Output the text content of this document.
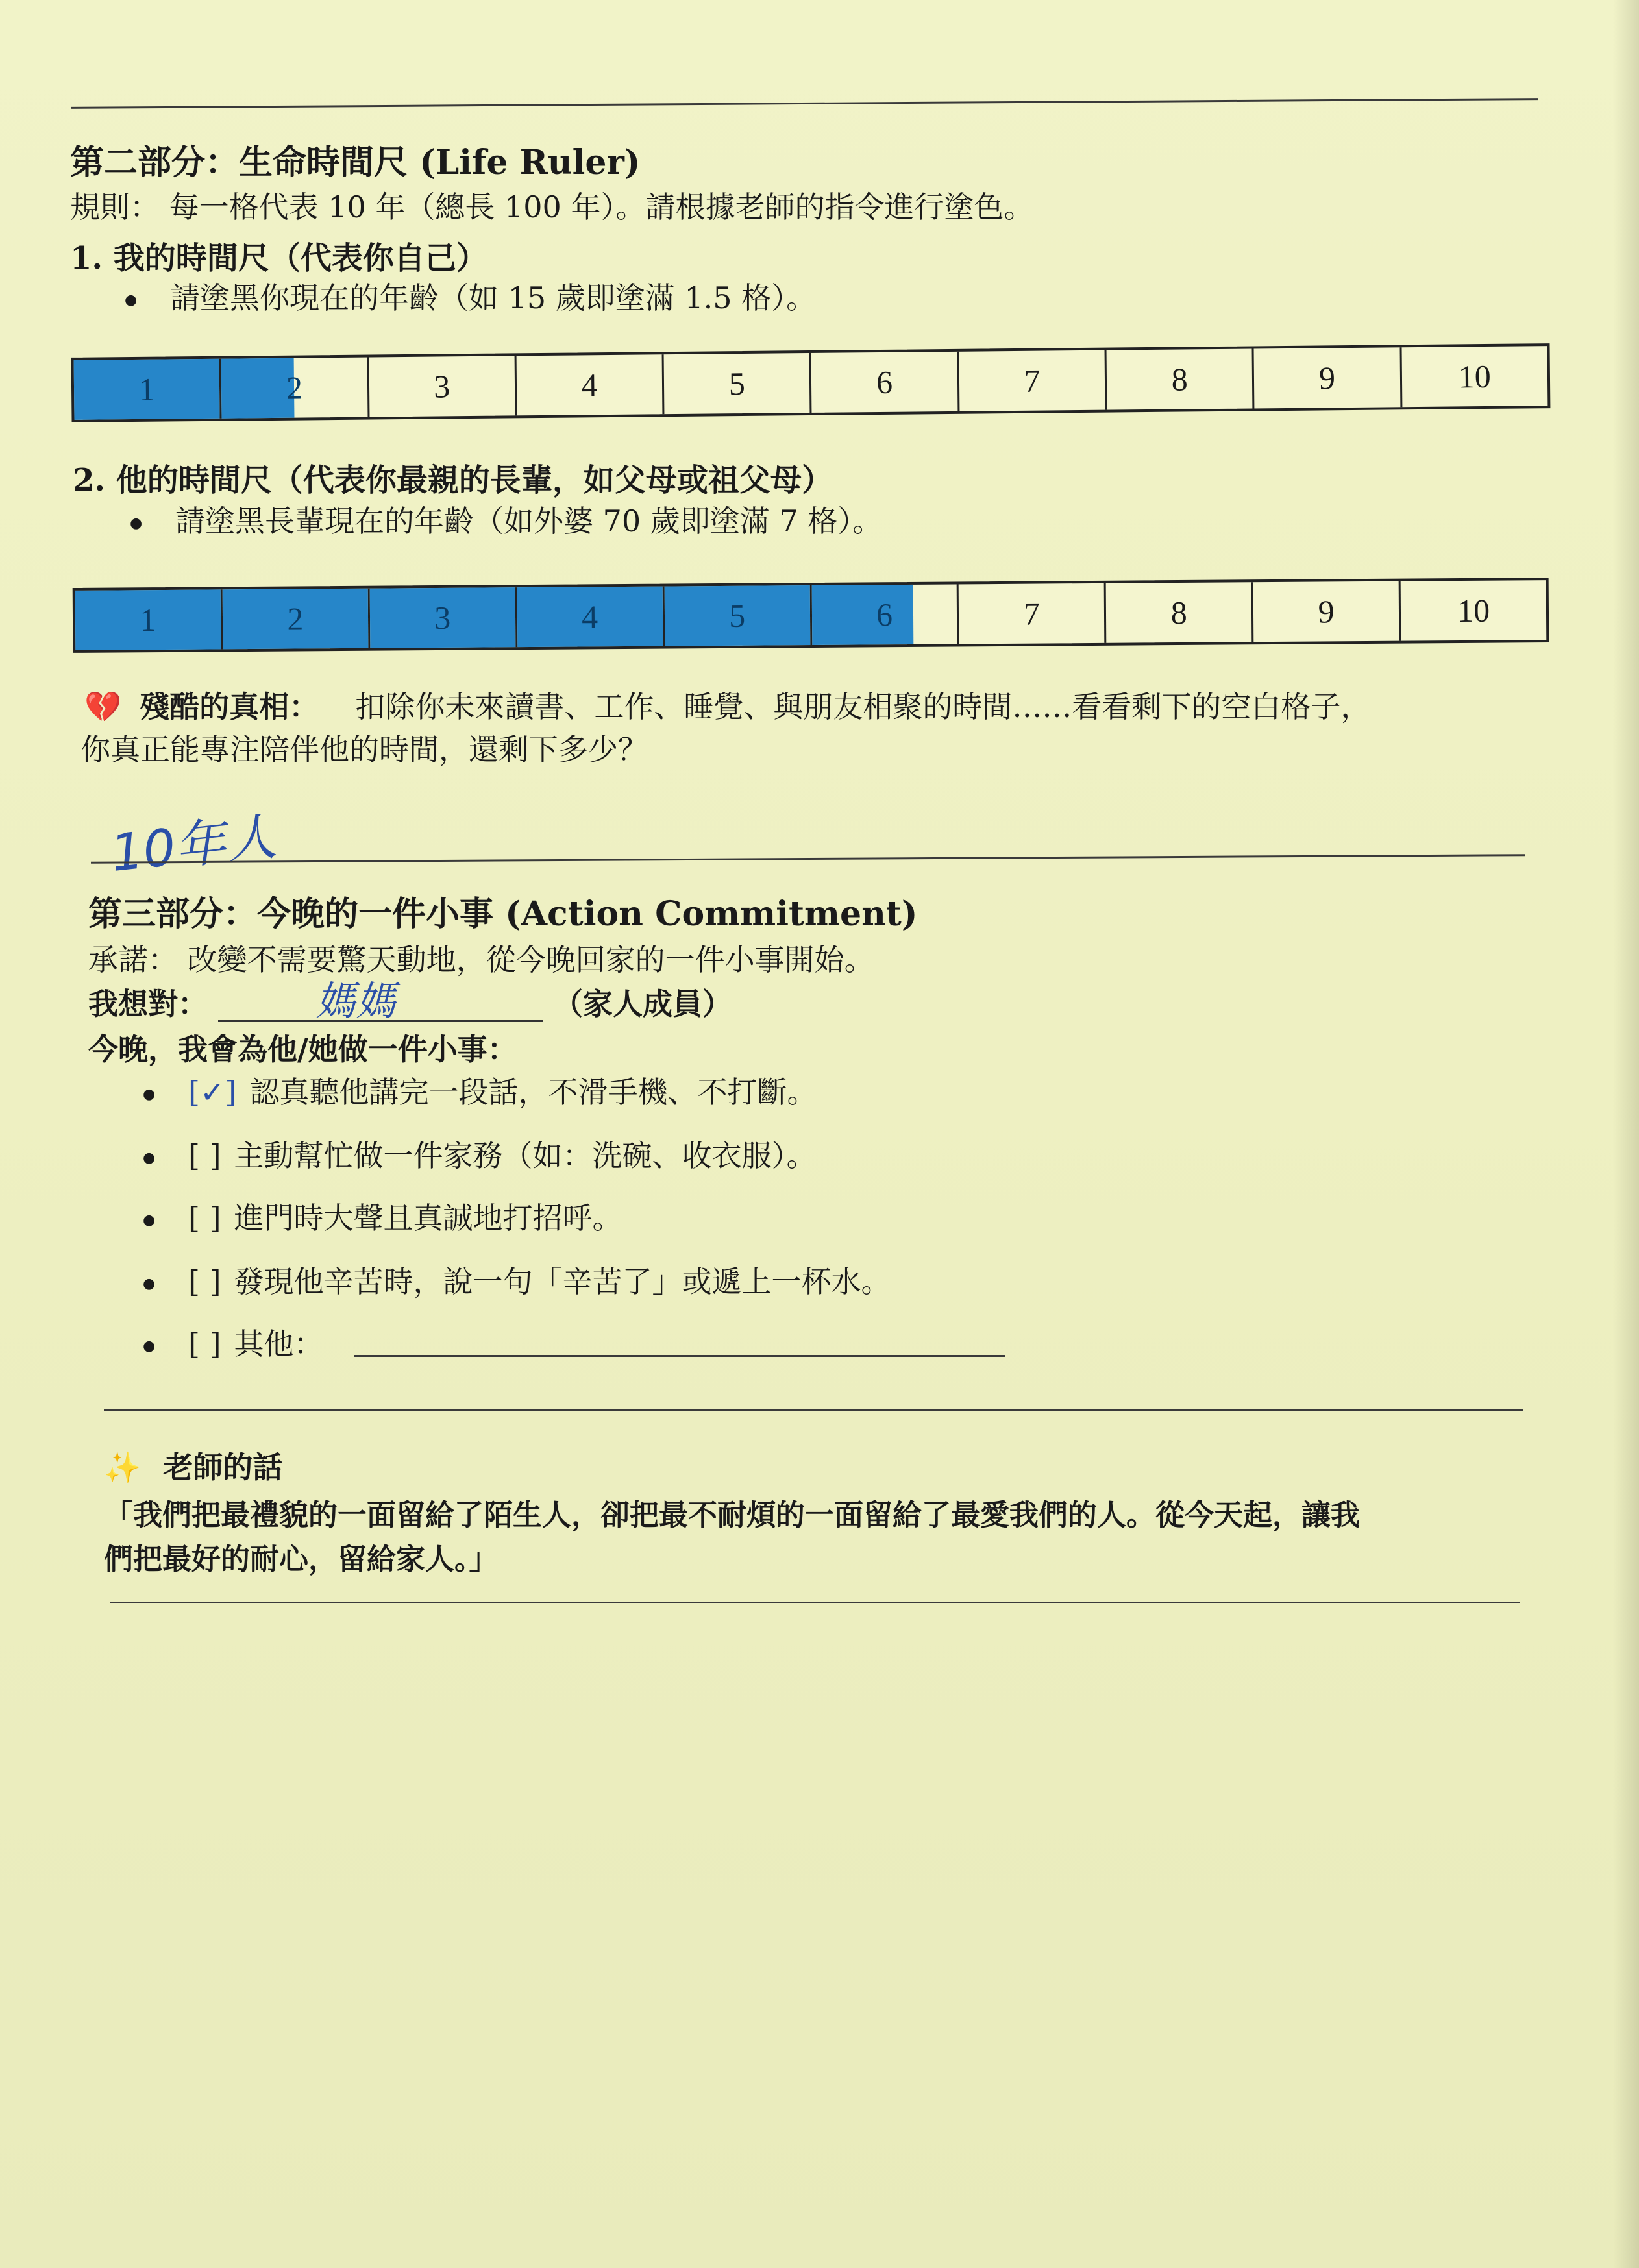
第二部分：生命時間尺 (Life Ruler)
規則： 每一格代表 10 年（總長 100 年）。請根據老師的指令進行塗色。
1. 我的時間尺（代表你自己）
● 請塗黑你現在的年齡（如 15 歲即塗滿 1.5 格）。
1	2	3	4	5	6	7	8	9	10
2. 他的時間尺（代表你最親的長輩，如父母或祖父母）
● 請塗黑長輩現在的年齡（如外婆 70 歲即塗滿 7 格）。
1	2	3	4	5	6	7	8	9	10
💔 殘酷的真相： 扣除你未來讀書、工作、睡覺、與朋友相聚的時間……看看剩下的空白格子，
你真正能專注陪伴他的時間，還剩下多少？
10年人
第三部分：今晚的一件小事 (Action Commitment)
承諾： 改變不需要驚天動地，從今晚回家的一件小事開始。
我想對：	媽媽	（家人成員）
今晚，我會為他/她做一件小事：
● [✓] 認真聽他講完一段話，不滑手機、不打斷。
● [ ] 主動幫忙做一件家務（如：洗碗、收衣服）。
● [ ] 進門時大聲且真誠地打招呼。
● [ ] 發現他辛苦時，說一句「辛苦了」或遞上一杯水。
● [ ] 其他：
✨ 老師的話
「我們把最禮貌的一面留給了陌生人，卻把最不耐煩的一面留給了最愛我們的人。從今天起，讓我
們把最好的耐心，留給家人。」
